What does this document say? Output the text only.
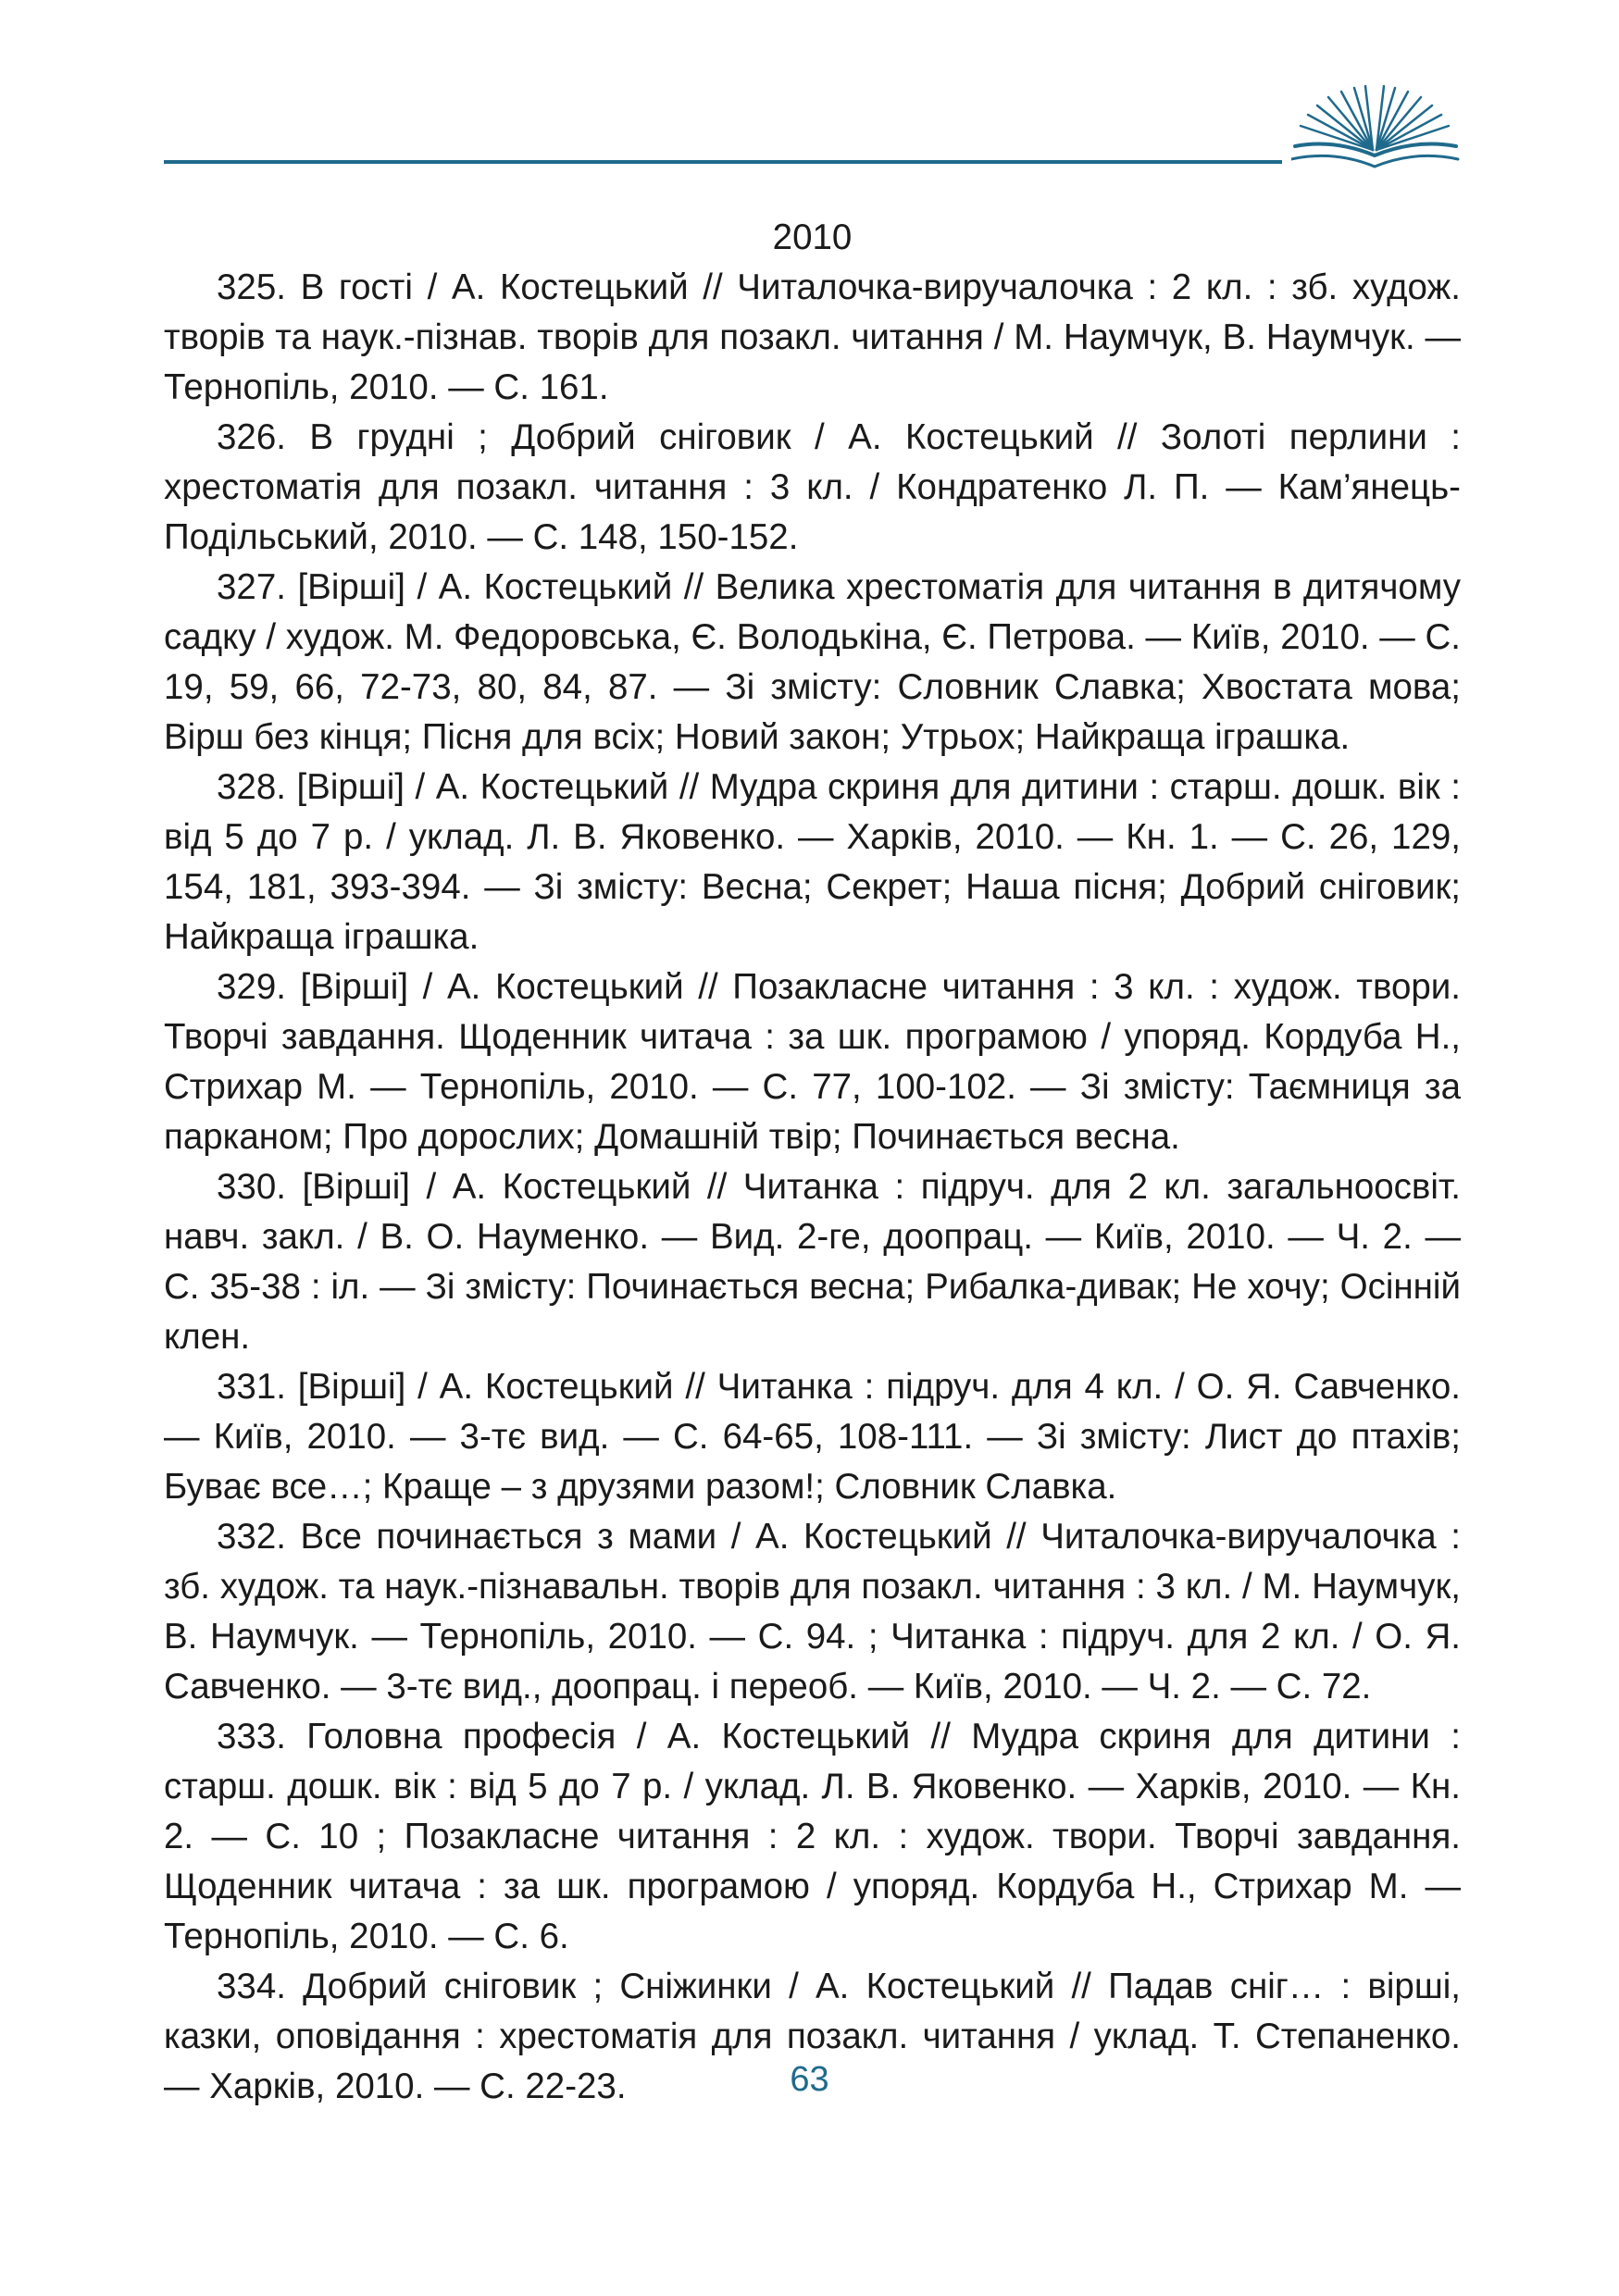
2010

325. В гості / А. Костецький // Читалочка-виручалочка : 2 кл. : зб. худож. творів та наук.-пізнав. творів для позакл. читання / М. Наумчук, В. Наумчук. — Тернопіль, 2010. — С. 161.

326. В грудні ; Добрий сніговик / А. Костецький // Золоті перлини : хрестоматія для позакл. читання : 3 кл. / Кондратенко Л. П. — Кам’янець-Подільський, 2010. — С. 148, 150-152.

327. [Вірші] / А. Костецький // Велика хрестоматія для читання в дитячому садку / худож. М. Федоровська, Є. Володькіна, Є. Петрова. — Київ, 2010. — С. 19, 59, 66, 72-73, 80, 84, 87. — Зі змісту: Словник Славка; Хвостата мова; Вірш без кінця; Пісня для всіх; Новий закон; Утрьох; Найкраща іграшка.

328. [Вірші] / А. Костецький // Мудра скриня для дитини : старш. дошк. вік : від 5 до 7 р. / уклад. Л. В. Яковенко. — Харків, 2010. — Кн. 1. — С. 26, 129, 154, 181, 393-394. — Зі змісту: Весна; Секрет; Наша пісня; Добрий сніговик; Найкраща іграшка.

329. [Вірші] / А. Костецький // Позакласне читання : 3 кл. : худож. твори. Творчі завдання. Щоденник читача : за шк. програмою / упоряд. Кордуба Н., Стрихар М. — Тернопіль, 2010. — С. 77, 100-102. — Зі змісту: Таємниця за парканом; Про дорослих; Домашній твір; Починається весна.

330. [Вірші] / А. Костецький // Читанка : підруч. для 2 кл. загальноосвіт. навч. закл. / В. О. Науменко. — Вид. 2-ге, доопрац. — Київ, 2010. — Ч. 2. — С. 35-38 : іл. — Зі змісту: Починається весна; Рибалка-дивак; Не хочу; Осінній клен.

331. [Вірші] / А. Костецький // Читанка : підруч. для 4 кл. / О. Я. Савченко. — Київ, 2010. — 3-тє вид. — С. 64-65, 108-111. — Зі змісту: Лист до птахів; Буває все…; Краще – з друзями разом!; Словник Славка.

332. Все починається з мами / А. Костецький // Читалочка-виручалочка : зб. худож. та наук.-пізнавальн. творів для позакл. читання : 3 кл. / М. Наумчук, В. Наумчук. — Тернопіль, 2010. — С. 94. ; Читанка : підруч. для 2 кл. / О. Я. Савченко. — 3-тє вид., доопрац. і переоб. — Київ, 2010. — Ч. 2. — С. 72.

333. Головна професія / А. Костецький // Мудра скриня для дитини : старш. дошк. вік : від 5 до 7 р. / уклад. Л. В. Яковенко. — Харків, 2010. — Кн. 2. — С. 10 ; Позакласне читання : 2 кл. : худож. твори. Творчі завдання. Щоденник читача : за шк. програмою / упоряд. Кордуба Н., Стрихар М. — Тернопіль, 2010. — С. 6.

334. Добрий сніговик ; Сніжинки / А. Костецький // Падав сніг… : вірші, казки, оповідання : хрестоматія для позакл. читання / уклад. Т. Степаненко. — Харків, 2010. — С. 22-23.	63
